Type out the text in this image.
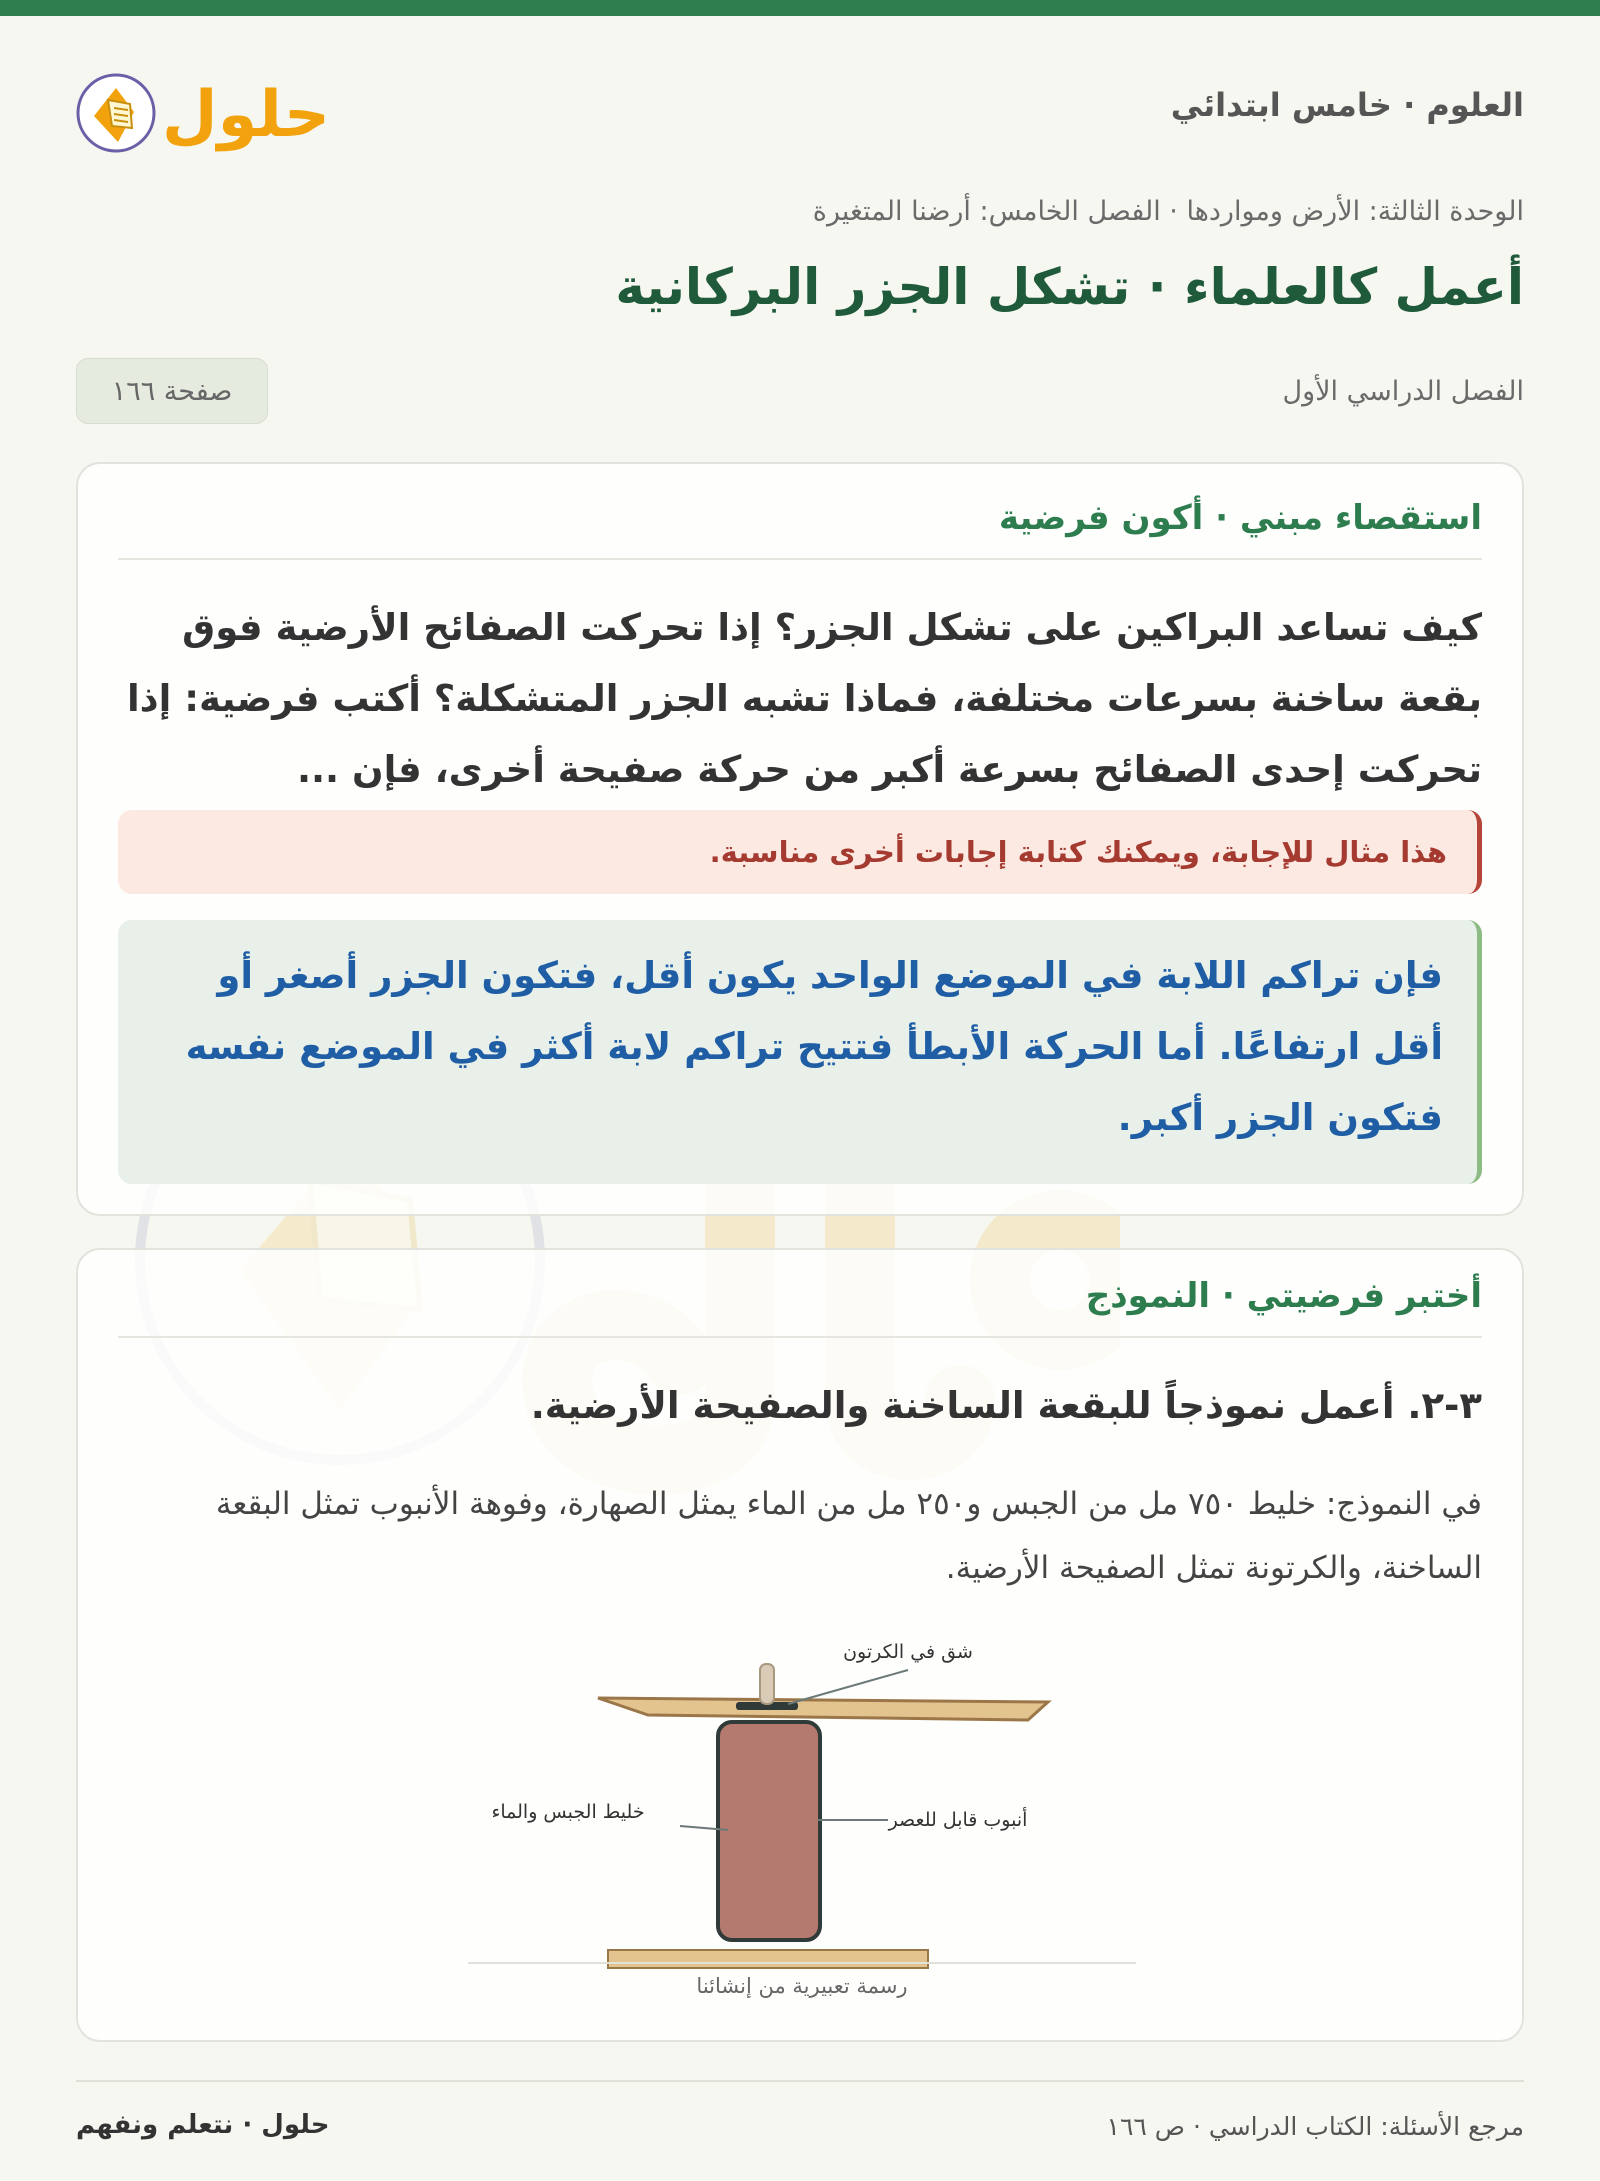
حلول	العلوم · خامس ابتدائي
الوحدة الثالثة: الأرض ومواردها · الفصل الخامس: أرضنا المتغيرة
أعمل كالعلماء · تشكل الجزر البركانية
الفصل الدراسي الأول
صفحة ١٦٦
استقصاء مبني · أكون فرضية
كيف تساعد البراكين على تشكل الجزر؟ إذا تحركت الصفائح الأرضية فوق بقعة ساخنة بسرعات مختلفة، فماذا تشبه الجزر المتشكلة؟ أكتب فرضية: إذا تحركت إحدى الصفائح بسرعة أكبر من حركة صفيحة أخرى، فإن ...
هذا مثال للإجابة، ويمكنك كتابة إجابات أخرى مناسبة.
فإن تراكم اللابة في الموضع الواحد يكون أقل، فتكون الجزر أصغر أو أقل ارتفاعًا. أما الحركة الأبطأ فتتيح تراكم لابة أكثر في الموضع نفسه فتكون الجزر أكبر.
أختبر فرضيتي · النموذج
٣-٢. أعمل نموذجاً للبقعة الساخنة والصفيحة الأرضية.
في النموذج: خليط ٧٥٠ مل من الجبس و٢٥٠ مل من الماء يمثل الصهارة، وفوهة الأنبوب تمثل البقعة الساخنة، والكرتونة تمثل الصفيحة الأرضية.
شق في الكرتون
خليط الجبس والماء	أنبوب قابل للعصر
رسمة تعبيرية من إنشائنا
مرجع الأسئلة: الكتاب الدراسي · ص ١٦٦
حلول · نتعلم ونفهم
